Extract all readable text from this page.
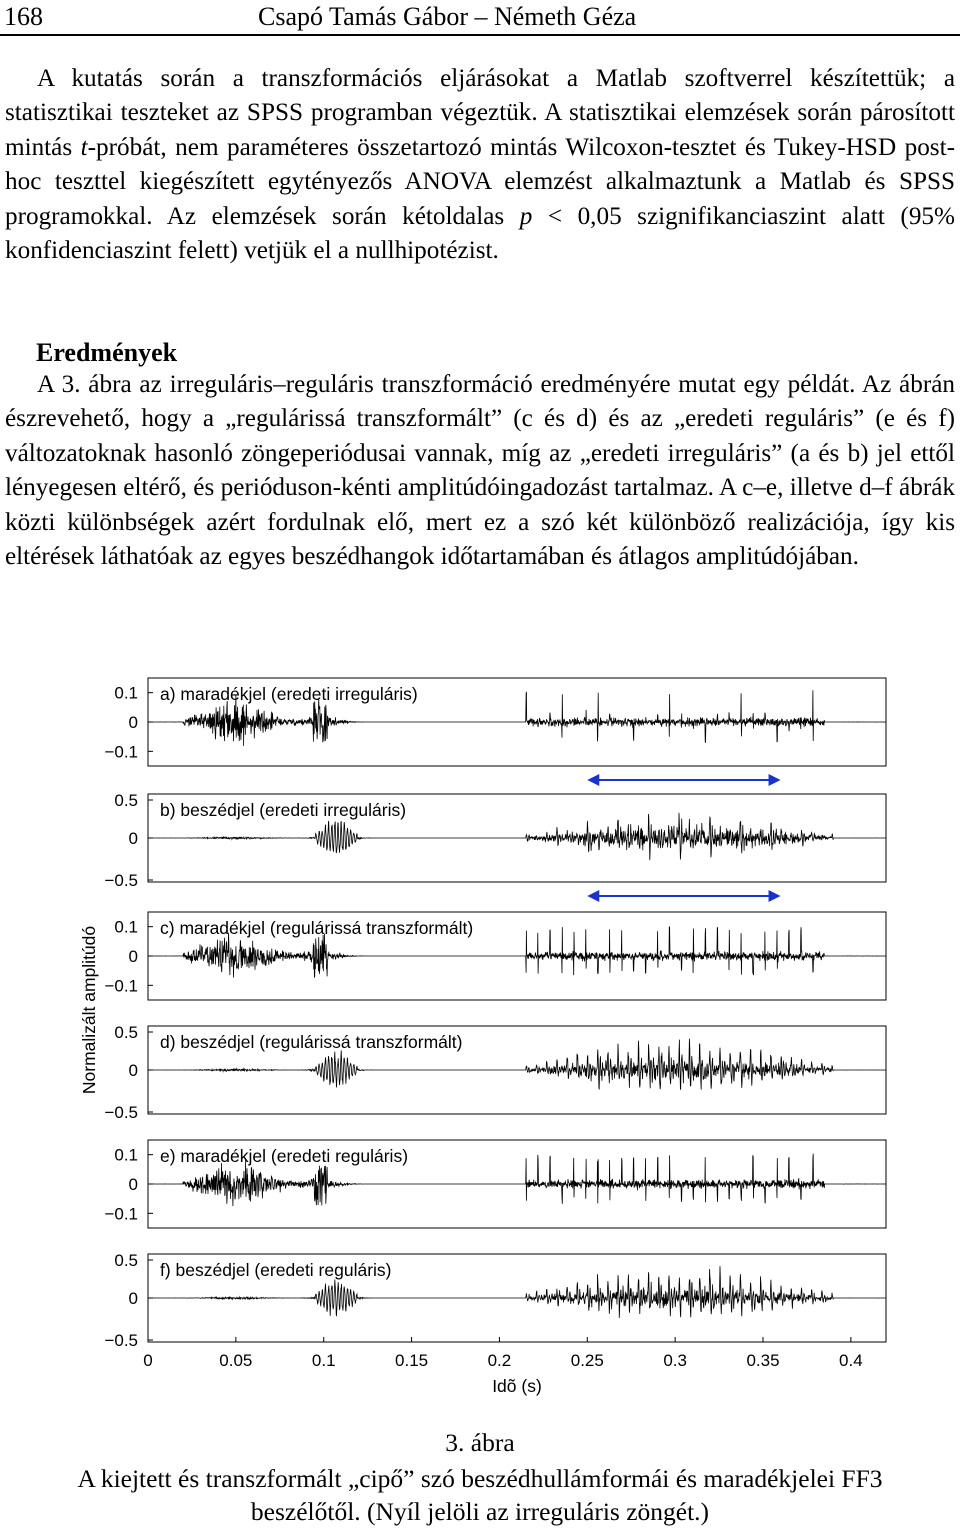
168	Csapó Tamás Gábor – Németh Géza

A kutatás során a transzformációs eljárásokat a Matlab szoftverrel készítettük; a statisztikai teszteket az SPSS programban végeztük. A statisztikai elemzések során párosított mintás t-próbát, nem paraméteres összetartozó mintás Wilcoxon-tesztet és Tukey-HSD post-hoc teszttel kiegészített egytényezős ANOVA elemzést alkalmaztunk a Matlab és SPSS programokkal. Az elemzések során kétoldalas p < 0,05 szignifikanciaszint alatt (95% konfidenciaszint felett) vetjük el a nullhipotézist.

Eredmények

A 3. ábra az irreguláris–reguláris transzformáció eredményére mutat egy példát. Az ábrán észrevehető, hogy a „regulárissá transzformált” (c és d) és az „eredeti reguláris” (e és f) változatoknak hasonló zöngeperiódusai vannak, míg az „eredeti irreguláris” (a és b) jel ettől lényegesen eltérő, és perióduson-kénti amplitúdóingadozást tartalmaz. A c–e, illetve d–f ábrák közti különbségek azért fordulnak elő, mert ez a szó két különböző realizációja, így kis eltérések láthatóak az egyes beszédhangok időtartamában és átlagos amplitúdójában.

0.1
0
−0.1
a) maradékjel (eredeti irreguláris)
0.5
0
−0.5
b) beszédjel (eredeti irreguláris)
0.1
0
−0.1
c) maradékjel (regulárissá transzformált)
0.5
0
−0.5
d) beszédjel (regulárissá transzformált)
0.1
0
−0.1
e) maradékjel (eredeti reguláris)
0.5
0
−0.5
f) beszédjel (eredeti reguláris)
0	0.05	0.1	0.15	0.2	0.25	0.3	0.35	0.4
Idõ (s)
Normalizált amplitúdó
3. ábra
A kiejtett és transzformált „cipő” szó beszédhullámformái és maradékjelei FF3 beszélőtől. (Nyíl jelöli az irreguláris zöngét.)
